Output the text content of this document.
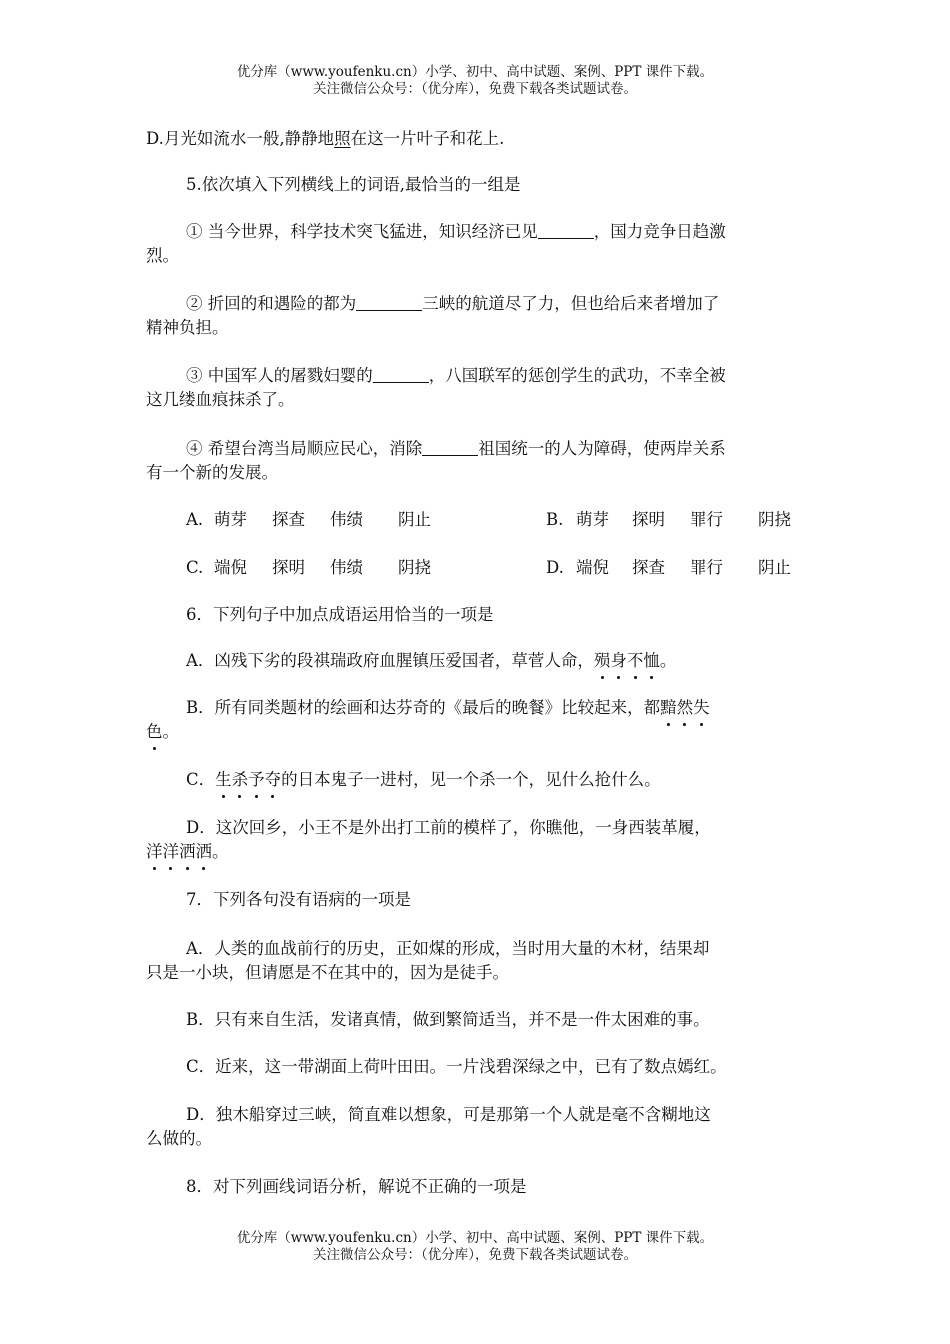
优分库（www.youfenku.cn）小学、初中、高中试题、案例、PPT 课件下载。
关注微信公众号：（优分库），免费下载各类试题试卷。
D.月光如流水一般,静静地照在这一片叶子和花上.
5.依次填入下列横线上的词语,最恰当的一组是
① 当今世界，科学技术突飞猛进，知识经济已见	，国力竞争日趋激
烈。
② 折回的和遇险的都为	三峡的航道尽了力，但也给后来者增加了
精神负担。
③ 中国军人的屠戮妇婴的	，八国联军的惩创学生的武功，不幸全被
这几缕血痕抹杀了。
④ 希望台湾当局顺应民心，消除	祖国统一的人为障碍，使两岸关系
有一个新的发展。
A. 萌芽 探查 伟绩 阴止	B. 萌芽 探明 罪行 阴挠
C. 端倪 探明 伟绩 阴挠	D. 端倪 探查 罪行 阴止
6．下列句子中加点成语运用恰当的一项是
A．凶残下劣的段祺瑞政府血腥镇压爱国者，草菅人命，殒身不恤。
B．所有同类题材的绘画和达芬奇的《最后的晚餐》比较起来，都黯然失
色。
C．生杀予夺的日本鬼子一进村，见一个杀一个，见什么抢什么。
D．这次回乡，小王不是外出打工前的模样了，你瞧他，一身西装革履，
洋洋洒洒。
7．下列各句没有语病的一项是
A．人类的血战前行的历史，正如煤的形成，当时用大量的木材，结果却
只是一小块，但请愿是不在其中的，因为是徒手。
B．只有来自生活，发诸真情，做到繁简适当，并不是一件太困难的事。
C．近来，这一带湖面上荷叶田田。一片浅碧深绿之中，已有了数点嫣红。
D．独木船穿过三峡，简直难以想象，可是那第一个人就是毫不含糊地这
么做的。
8．对下列画线词语分析，解说不正确的一项是
优分库（www.youfenku.cn）小学、初中、高中试题、案例、PPT 课件下载。
关注微信公众号：（优分库），免费下载各类试题试卷。
